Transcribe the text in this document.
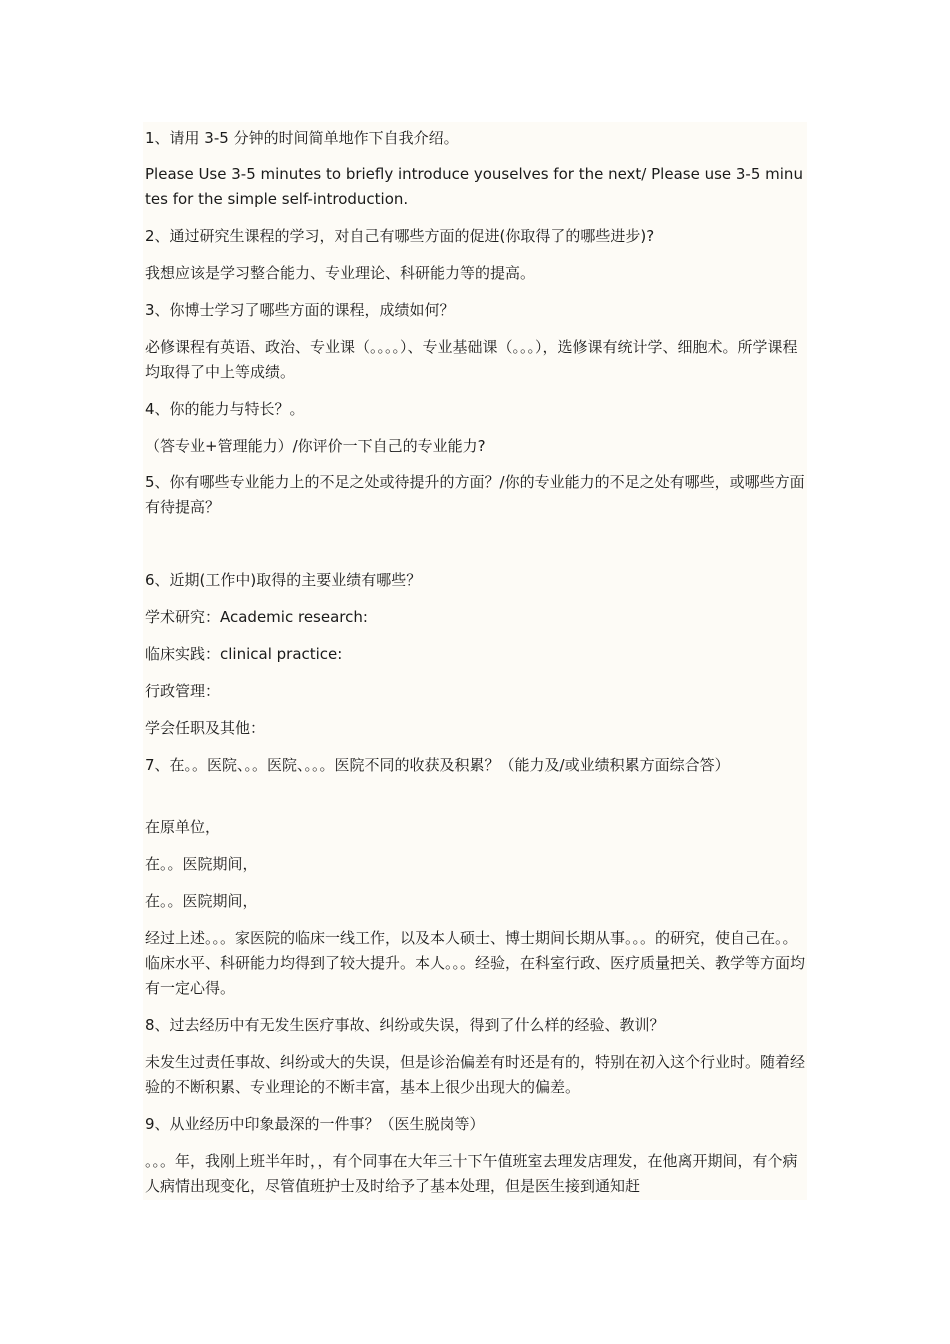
1、请用 3-5 分钟的时间简单地作下自我介绍。

Please Use 3-5 minutes to briefly introduce youselves for the next/ Please use 3-5 minutes for the simple self-introduction.

2、通过研究生课程的学习，对自己有哪些方面的促进(你取得了的哪些进步)?

我想应该是学习整合能力、专业理论、科研能力等的提高。

3、你博士学习了哪些方面的课程，成绩如何？

必修课程有英语、政治、专业课（。。。。）、专业基础课（。。。），选修课有统计学、细胞术。所学课程均取得了中上等成绩。

4、你的能力与特长？。

（答专业+管理能力）/你评价一下自己的专业能力?

5、你有哪些专业能力上的不足之处或待提升的方面？/你的专业能力的不足之处有哪些，或哪些方面有待提高？

6、近期(工作中)取得的主要业绩有哪些？

学术研究：Academic research:

临床实践：clinical practice:

行政管理：

学会任职及其他：

7、在。。医院、。。医院、。。。医院不同的收获及积累？（能力及/或业绩积累方面综合答）

在原单位，

在。。医院期间，

在。。医院期间，

经过上述。。。家医院的临床一线工作，以及本人硕士、博士期间长期从事。。。的研究，使自己在。。临床水平、科研能力均得到了较大提升。本人。。。经验，在科室行政、医疗质量把关、教学等方面均有一定心得。

8、过去经历中有无发生医疗事故、纠纷或失误，得到了什么样的经验、教训？

未发生过责任事故、纠纷或大的失误，但是诊治偏差有时还是有的，特别在初入这个行业时。随着经验的不断积累、专业理论的不断丰富，基本上很少出现大的偏差。

9、从业经历中印象最深的一件事？（医生脱岗等）

。。。年，我刚上班半年时，，有个同事在大年三十下午值班室去理发店理发，在他离开期间，有个病人病情出现变化，尽管值班护士及时给予了基本处理，但是医生接到通知赶
